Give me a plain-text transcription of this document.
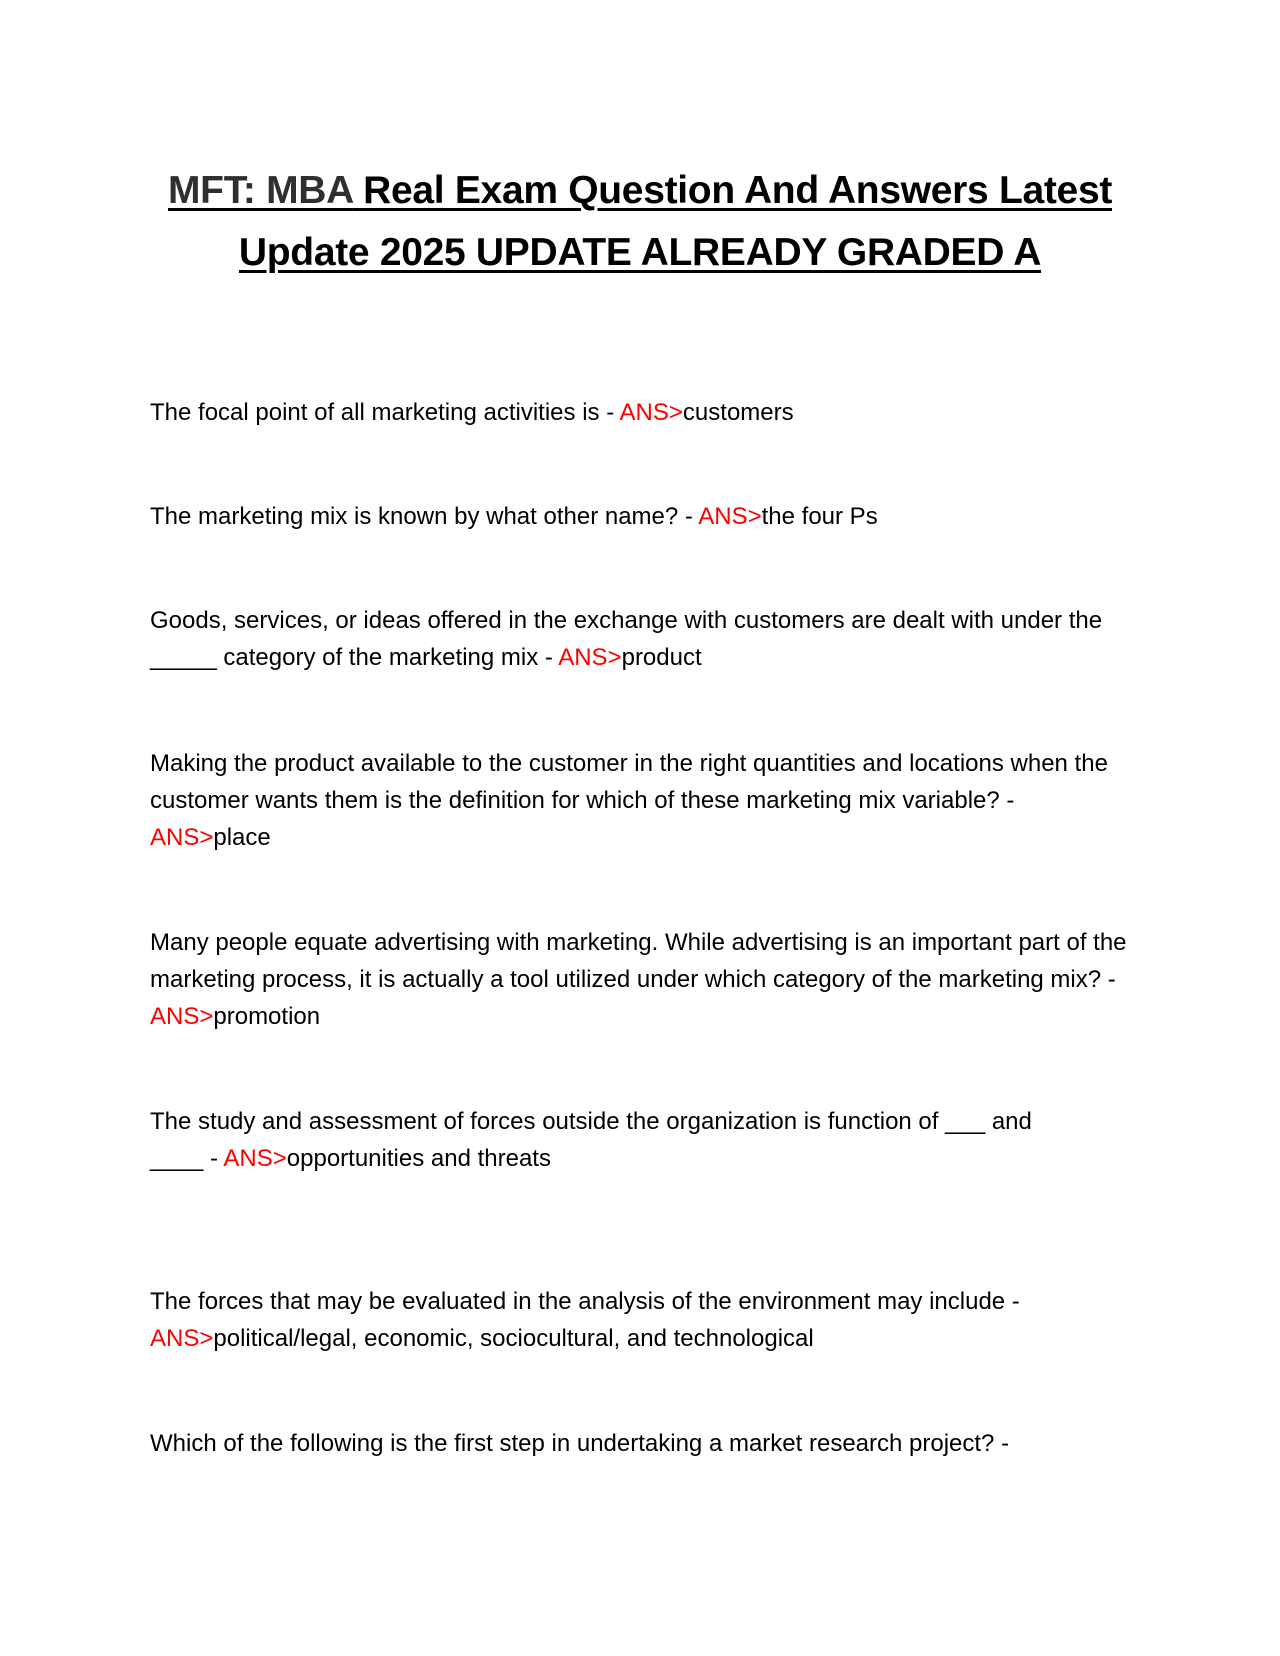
MFT: MBA Real Exam Question And Answers Latest Update 2025 UPDATE ALREADY GRADED A

The focal point of all marketing activities is - ANS>customers

The marketing mix is known by what other name? - ANS>the four Ps

Goods, services, or ideas offered in the exchange with customers are dealt with under the _____ category of the marketing mix - ANS>product

Making the product available to the customer in the right quantities and locations when the customer wants them is the definition for which of these marketing mix variable? - ANS>place

Many people equate advertising with marketing. While advertising is an important part of the marketing process, it is actually a tool utilized under which category of the marketing mix? - ANS>promotion

The study and assessment of forces outside the organization is function of ___ and
____ - ANS>opportunities and threats

The forces that may be evaluated in the analysis of the environment may include - ANS>political/legal, economic, sociocultural, and technological

Which of the following is the first step in undertaking a market research project? -
